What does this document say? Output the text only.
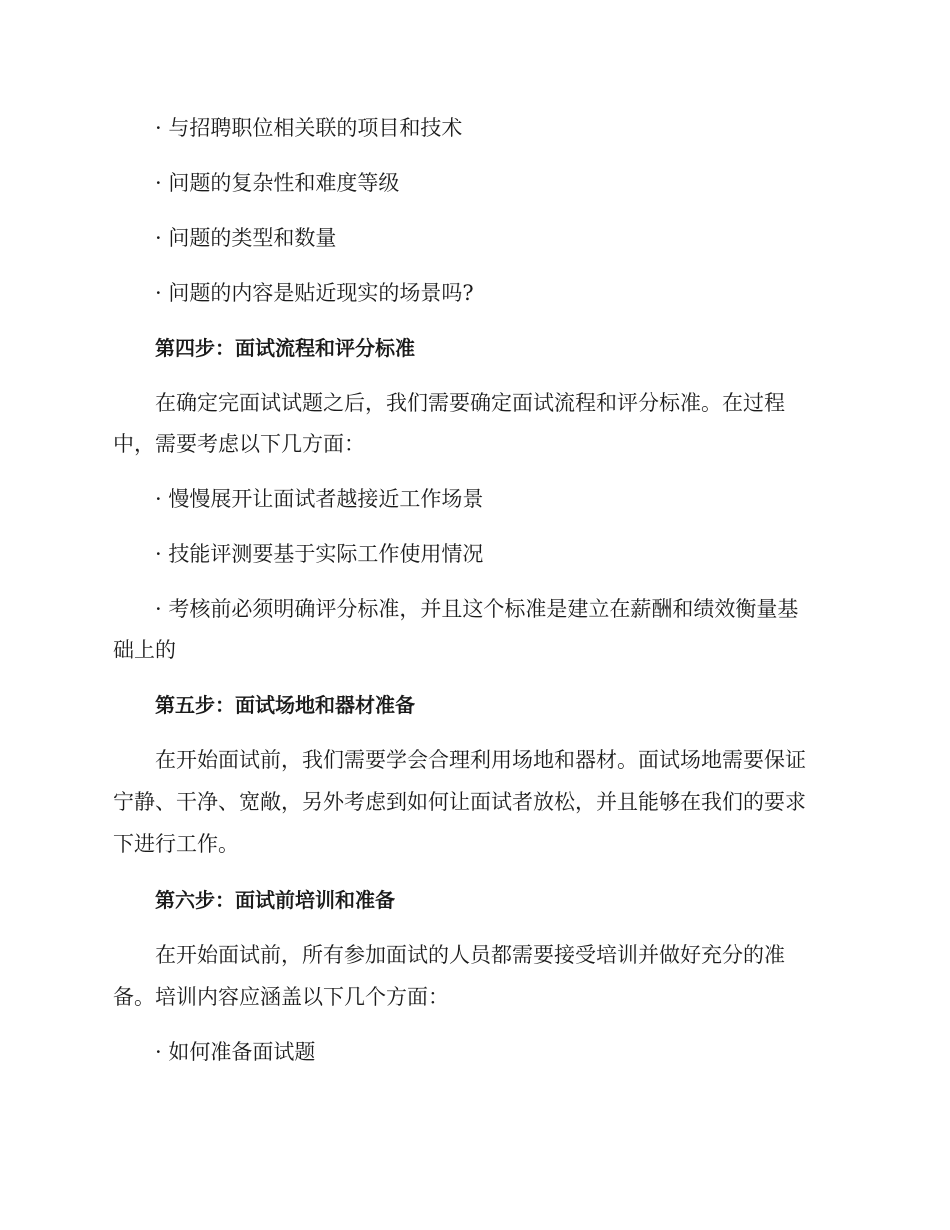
· 与招聘职位相关联的项目和技术
· 问题的复杂性和难度等级
· 问题的类型和数量
· 问题的内容是贴近现实的场景吗?
第四步：面试流程和评分标准
在确定完面试试题之后，我们需要确定面试流程和评分标准。在过程
中，需要考虑以下几方面：
· 慢慢展开让面试者越接近工作场景
· 技能评测要基于实际工作使用情况
· 考核前必须明确评分标准，并且这个标准是建立在薪酬和绩效衡量基
础上的
第五步：面试场地和器材准备
在开始面试前，我们需要学会合理利用场地和器材。面试场地需要保证
宁静、干净、宽敞，另外考虑到如何让面试者放松，并且能够在我们的要求
下进行工作。
第六步：面试前培训和准备
在开始面试前，所有参加面试的人员都需要接受培训并做好充分的准
备。培训内容应涵盖以下几个方面：
· 如何准备面试题
